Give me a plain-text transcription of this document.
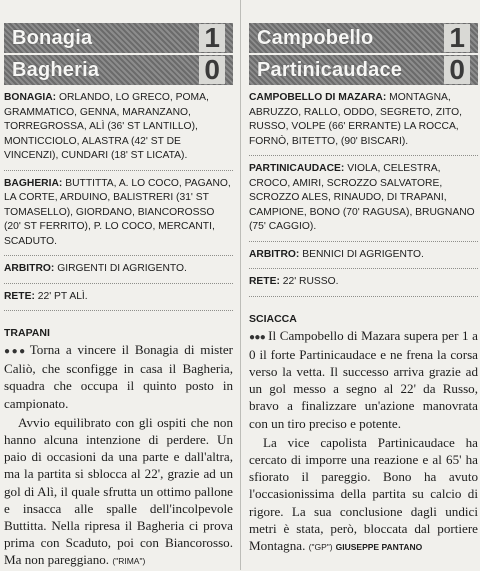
Bonagia	1
Bagheria	0
BONAGIA: ORLANDO, LO GRECO, POMA, GRAMMATICO, GENNA, MARANZANO, TORREGROSSA, ALÌ (36' ST LANTILLO), MONTICCIOLO, ALASTRA (42' ST DE VINCENZI), CUNDARI (18' ST LICATA).
BAGHERIA: BUTTITTA, A. LO COCO, PAGANO, LA CORTE, ARDUINO, BALISTRERI (31' ST TOMASELLO), GIORDANO, BIANCOROSSO (20' ST FERRITO), P. LO COCO, MERCANTI, SCADUTO.
ARBITRO: GIRGENTI DI AGRIGENTO.
RETE: 22' PT ALÌ.
TRAPANI

●●● Torna a vincere il Bonagia di mister Caliò, che sconfigge in casa il Bagheria, squadra che occupa il quinto posto in campionato.

Avvio equilibrato con gli ospiti che non hanno alcuna intenzione di perdere. Un paio di occasioni da una parte e dall'altra, ma la partita si sblocca al 22', grazie ad un gol di Alì, il quale sfrutta un ottimo pallone e insacca alle spalle dell'incolpevole Buttitta. Nella ripresa il Bagheria ci prova prima con Scaduto, poi con Biancorosso. Ma non pareggiano. ("RIMA")

Campobello	1
Partinicaudace 0
CAMPOBELLO DI MAZARA: MONTAGNA, ABRUZZO, RALLO, ODDO, SEGRETO, ZITO, RUSSO, VOLPE (66' ERRANTE) LA ROCCA, FORNÒ, BITETTO, (90' BISCARI).
PARTINICAUDACE: VIOLA, CELESTRA, CROCO, AMIRI, SCROZZO SALVATORE, SCROZZO ALES, RINAUDO, DI TRAPANI, CAMPIONE, BONO (70' RAGUSA), BRUGNANO (75' CAGGIO).
ARBITRO: BENNICI DI AGRIGENTO.
RETE: 22' RUSSO.
SCIACCA

●●● Il Campobello di Mazara supera per 1 a 0 il forte Partinicaudace e ne frena la corsa verso la vetta. Il successo arriva grazie ad un gol messo a segno al 22' da Russo, bravo a finalizzare un'azione manovrata con un tiro preciso e potente.

La vice capolista Partinicaudace ha cercato di imporre una reazione e al 65' ha sfiorato il pareggio. Bono ha avuto l'occasionissima della partita su calcio di rigore. La sua conclusione dagli undici metri è stata, però, bloccata dal portiere Montagna. ("GP") GIUSEPPE PANTANO
